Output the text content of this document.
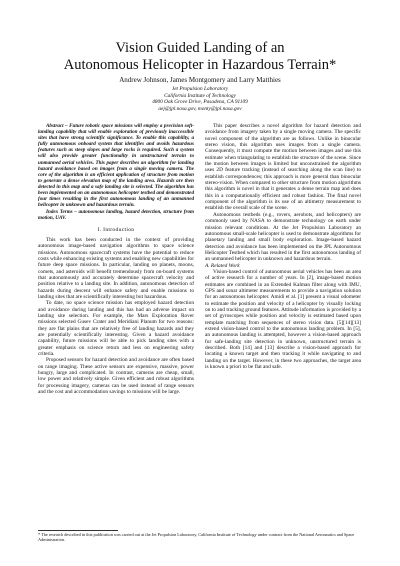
Vision Guided Landing of an
Autonomous Helicopter in Hazardous Terrain*
Andrew Johnson, James Montgomery and Larry Matthies
Jet Propulsion Laboratory
California Institute of Technology
4800 Oak Grove Drive, Pasadena, CA 91109
aej@jpl.nasa.gov, monty@jpl.nasa.gov

Abstract – Future robotic space missions will employ a precision soft-landing capability that will enable exploration of previously inaccessible sites that have strong scientific significance. To enable this capability, a fully autonomous onboard system that identifies and avoids hazardous features such as steep slopes and large rocks is required. Such a system will also provide greater functionality in unstructured terrain to unmanned aerial vehicles. This paper describes an algorithm for landing hazard avoidance based on images from a single moving camera. The core of the algorithm is an efficient application of structure from motion to generate a dense elevation map of the landing area. Hazards are then detected in this map and a safe landing site is selected. The algorithm has been implemented on an autonomous helicopter testbed and demonstrated four times resulting in the first autonomous landing of an unmanned helicopter in unknown and hazardous terrain.

Index Terms – autonomous landing, hazard detection, structure from motion, UAV.

I. Introduction

This work has been conducted in the context of providing autonomous image-based navigation algorithms to space science missions. Autonomous spacecraft systems have the potential to reduce costs while enhancing existing systems and enabling new capabilities for future deep space missions. In particular, landing on planets, moons, comets, and asteroids will benefit tremendously from on-board systems that autonomously and accurately determine spacecraft velocity and position relative to a landing site. In addition, autonomous detection of hazards during descent will enhance safety and enable missions to landing sites that are scientifically interesting but hazardous.

To date, no space science mission has employed hazard detection and avoidance during landing and this has had an adverse impact on landing site selection. For example, the Mars Exploration Rover missions selected Gusev Crater and Meridiani Planum for two reasons: they are flat plains that are relatively free of landing hazards and they are potentially scientifically interesting. Given a hazard avoidance capability, future missions will be able to pick landing sites with a greater emphasis on science return and less on engineering safety criteria.

Proposed sensors for hazard detection and avoidance are often based on range imaging. These active sensors are expensive, massive, power hungry, large and complicated. In contrast, cameras are cheap, small, low power and relatively simple. Given efficient and robust algorithms for processing imagery, cameras can be used instead of range sensors and the cost and accommodation savings to missions will be large.

This paper describes a novel algorithm for hazard detection and avoidance from imagery taken by a single moving camera. The specific novel component of the algorithm are as follows. Unlike in binocular stereo vision, this algorithm uses images from a single camera. Consequently, it must compute the motion between images and use this estimate when triangulating to establish the structure of the scene. Since the motion between images is limited but unconstrained the algorithm uses 2D feature tracking (instead of searching along the scan line) to establish correspondences; this approach is more general than binocular stereo-vision. When compared to other structure from motion algorithms this algorithm is novel in that it generates a dense terrain map and does this in a computationally efficient and robust fashion. The final novel component of the algorithm is its use of an altimetry measurement to establish the overall scale of the scene.

Autonomous testbeds (e.g., rovers, aerobots, and helicopters) are commonly used by NASA to demonstrate technology on earth under mission relevant conditions. At the Jet Propulsion Laboratory an autonomous small-scale helicopter is used to demonstrate algorithms for planetary landing and small body exploration. Image-based hazard detection and avoidance has been implemented on the JPL Autonomous Helicopter Testbed which has resulted in the first autonomous landing of an unmanned helicopter in unknown and hazardous terrain.

A. Related Work

Vision-based control of autonomous aerial vehicles has been an area of active research for a number of years. In [2], image-based motion estimates are combined in an Extended Kalman filter along with IMU, GPS and sonar altimeter measurements to provide a navigation solution for an autonomous helicopter. Amidi et al. [1] present a visual odometer to estimate the position and velocity of a helicopter by visually locking on to and tracking ground features. Attitude information is provided by a set of gyroscopes while position and velocity is estimated based upon template matching from sequences of stereo vision data. [5][14][13] extend vision-based control to the autonomous landing problem. In [5], an autonomous landing is attempted, however a vision-based approach for safe-landing site detection in unknown, unstructured terrain is described. Both [14] and [13] describe a vision-based approach for locating a known target and then tracking it while navigating to and landing on the target. However, in these two approaches, the target area is known a priori to be flat and safe.

* The research described in this publication was carried out at the Jet Propulsion Laboratory, California Institute of Technology under contract from the National Aeronautics and Space Administration.
